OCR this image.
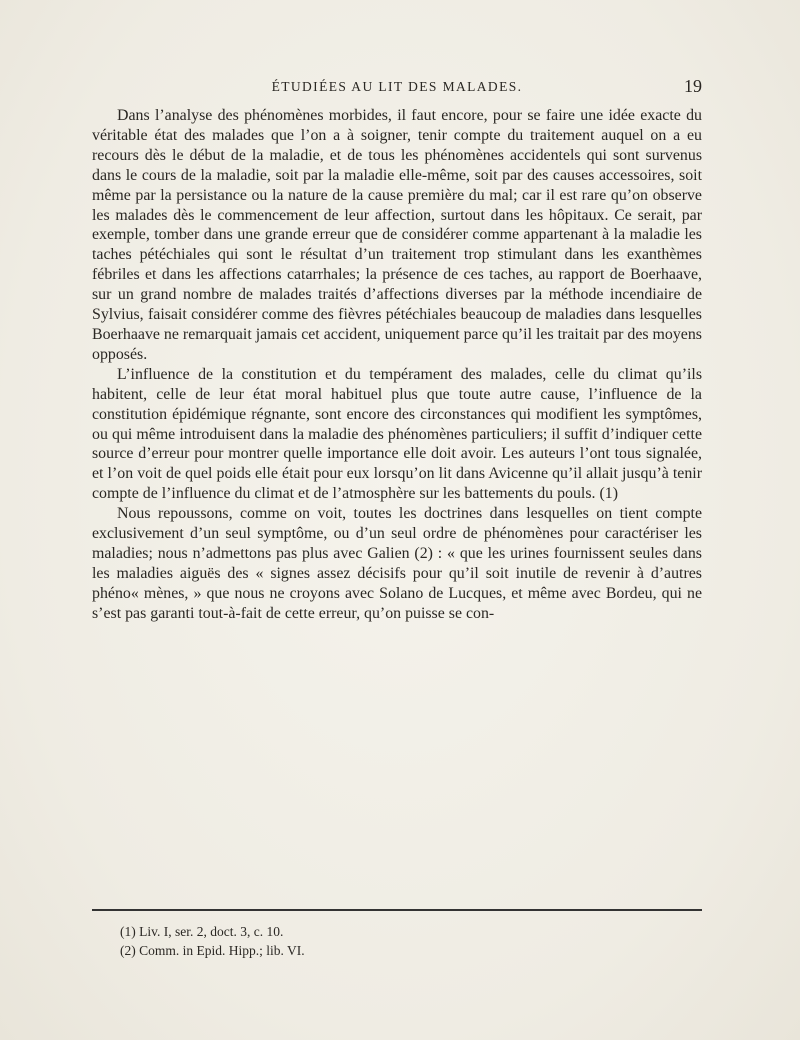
ÉTUDIÉES AU LIT DES MALADES.	19

Dans l’analyse des phénomènes morbides, il faut encore, pour se faire une idée exacte du véritable état des malades que l’on a à soigner, tenir compte du traitement auquel on a eu recours dès le début de la maladie, et de tous les phénomènes accidentels qui sont survenus dans le cours de la maladie, soit par la maladie elle-même, soit par des causes accessoires, soit même par la persistance ou la nature de la cause première du mal; car il est rare qu’on observe les malades dès le commencement de leur affection, surtout dans les hôpitaux. Ce serait, par exemple, tomber dans une grande erreur que de considérer comme appartenant à la maladie les taches pétéchiales qui sont le résultat d’un traitement trop stimulant dans les exanthèmes fébriles et dans les affections catarrhales; la présence de ces taches, au rapport de Boerhaave, sur un grand nombre de malades traités d’affections diverses par la méthode incendiaire de Sylvius, faisait considérer comme des fièvres pétéchiales beaucoup de maladies dans lesquelles Boerhaave ne remarquait jamais cet accident, uniquement parce qu’il les traitait par des moyens opposés.

L’influence de la constitution et du tempérament des malades, celle du climat qu’ils habitent, celle de leur état moral habituel plus que toute autre cause, l’influence de la constitution épidémique régnante, sont encore des circonstances qui modifient les symptômes, ou qui même introduisent dans la maladie des phénomènes particuliers; il suffit d’indiquer cette source d’erreur pour montrer quelle importance elle doit avoir. Les auteurs l’ont tous signalée, et l’on voit de quel poids elle était pour eux lorsqu’on lit dans Avicenne qu’il allait jusqu’à tenir compte de l’influence du climat et de l’atmosphère sur les battements du pouls. (1)

Nous repoussons, comme on voit, toutes les doctrines dans lesquelles on tient compte exclusivement d’un seul symptôme, ou d’un seul ordre de phénomènes pour caractériser les maladies; nous n’admettons pas plus avec Galien (2) : « que les urines fournissent seules dans les maladies aiguës des « signes assez décisifs pour qu’il soit inutile de revenir à d’autres phéno« mènes, » que nous ne croyons avec Solano de Lucques, et même avec Bordeu, qui ne s’est pas garanti tout-à-fait de cette erreur, qu’on puisse se con-

(1) Liv. I, ser. 2, doct. 3, c. 10.

(2) Comm. in Epid. Hipp.; lib. VI.
